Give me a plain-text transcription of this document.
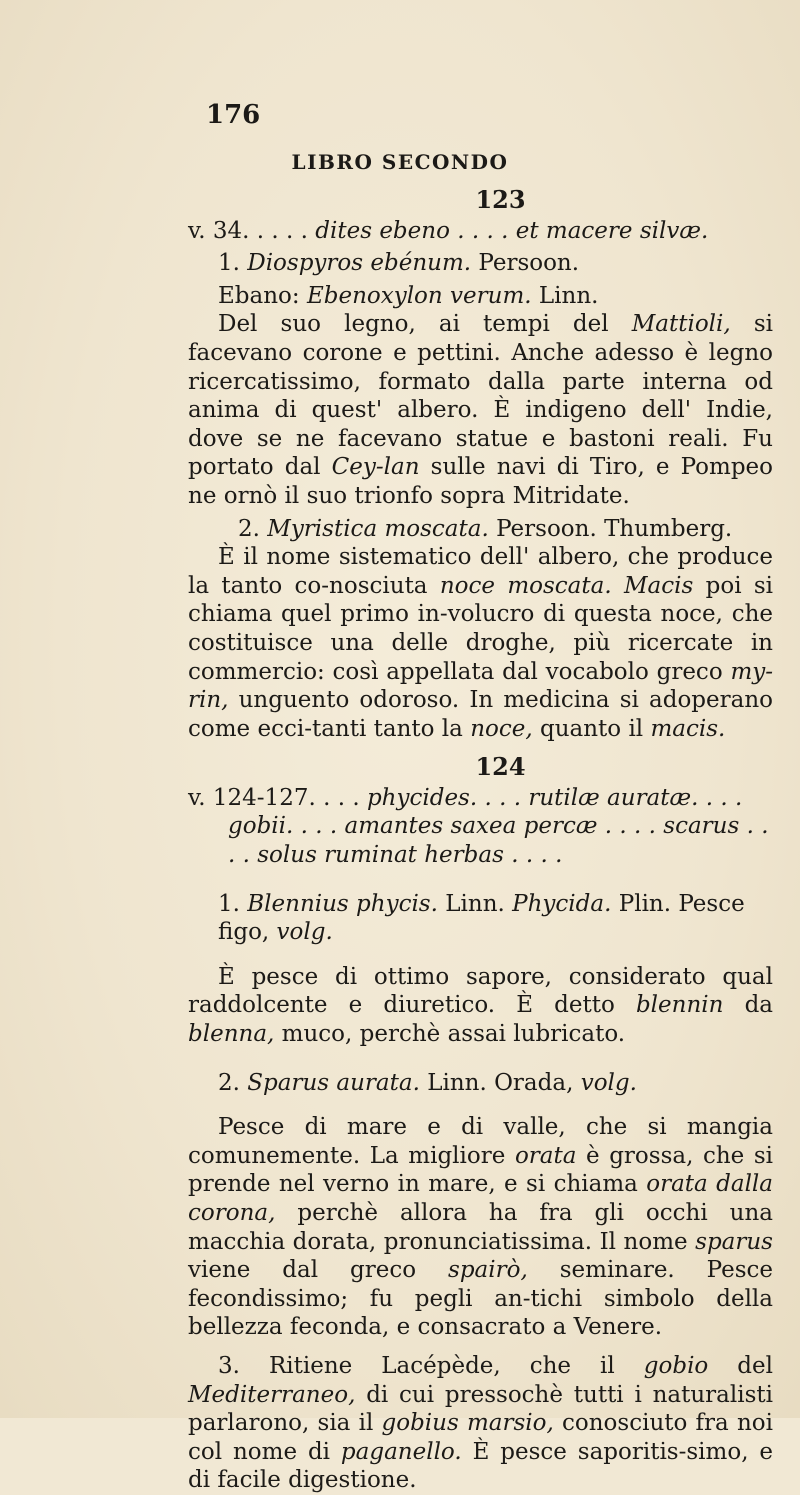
176
LIBRO SECONDO
123
v. 34. . . . . dites ebeno . . . . et macere silvæ.
1. Diospyros ebénum. Persoon.
Ebano: Ebenoxylon verum. Linn.

Del suo legno, ai tempi del Mattioli, si facevano corone e pettini. Anche adesso è legno ricercatissimo, formato dalla parte interna od anima di quest' albero. È indigeno dell' Indie, dove se ne facevano statue e bastoni reali. Fu portato dal Cey-lan sulle navi di Tiro, e Pompeo ne ornò il suo trionfo sopra Mitridate.

2. Myristica moscata. Persoon. Thumberg.

È il nome sistematico dell' albero, che produce la tanto co-nosciuta noce moscata. Macis poi si chiama quel primo in-volucro di questa noce, che costituisce una delle droghe, più ricercate in commercio: così appellata dal vocabolo greco my-rin, unguento odoroso. In medicina si adoperano come ecci-tanti tanto la noce, quanto il macis.

124
v. 124-127. . . . phycides. . . . rutilæ auratæ. . . . gobii. . . . amantes saxea percæ . . . . scarus . . . . solus ruminat herbas . . . .
1. Blennius phycis. Linn. Phycida. Plin. Pesce figo, volg.

È pesce di ottimo sapore, considerato qual raddolcente e diuretico. È detto blennin da blenna, muco, perchè assai lubricato.

2. Sparus aurata. Linn. Orada, volg.

Pesce di mare e di valle, che si mangia comunemente. La migliore orata è grossa, che si prende nel verno in mare, e si chiama orata dalla corona, perchè allora ha fra gli occhi una macchia dorata, pronunciatissima. Il nome sparus viene dal greco spairò, seminare. Pesce fecondissimo; fu pegli an-tichi simbolo della bellezza feconda, e consacrato a Venere.

3. Ritiene Lacépède, che il gobio del Mediterraneo, di cui pressochè tutti i naturalisti parlarono, sia il gobius marsio, conosciuto fra noi col nome di paganello. È pesce saporitis-simo, e di facile digestione.
